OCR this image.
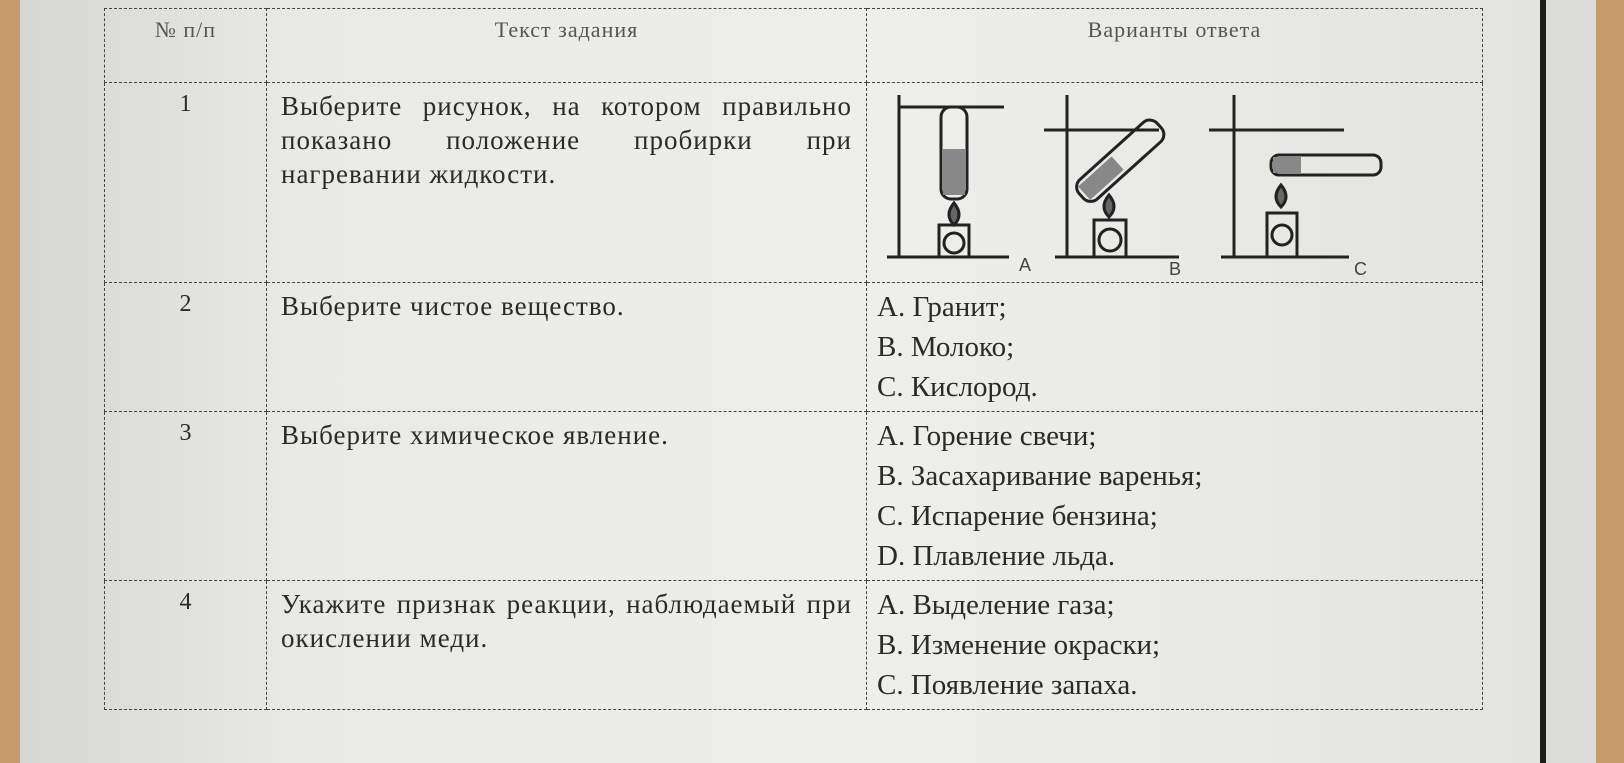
№ п/п	Текст задания	Варианты ответа
1	Выберите рисунок, на котором правильно показано положение пробирки при нагревании жидкости.	A B C

2	Выберите чистое вещество.	А. Гранит;
В. Молоко;
С. Кислород.

3	Выберите химическое явление.	А. Горение свечи;
В. Засахаривание варенья;
С. Испарение бензина;
D. Плавление льда.

4	Укажите признак реакции, наблюдаемый при окислении меди.	А. Выделение газа;
В. Изменение окраски;
С. Появление запаха.
